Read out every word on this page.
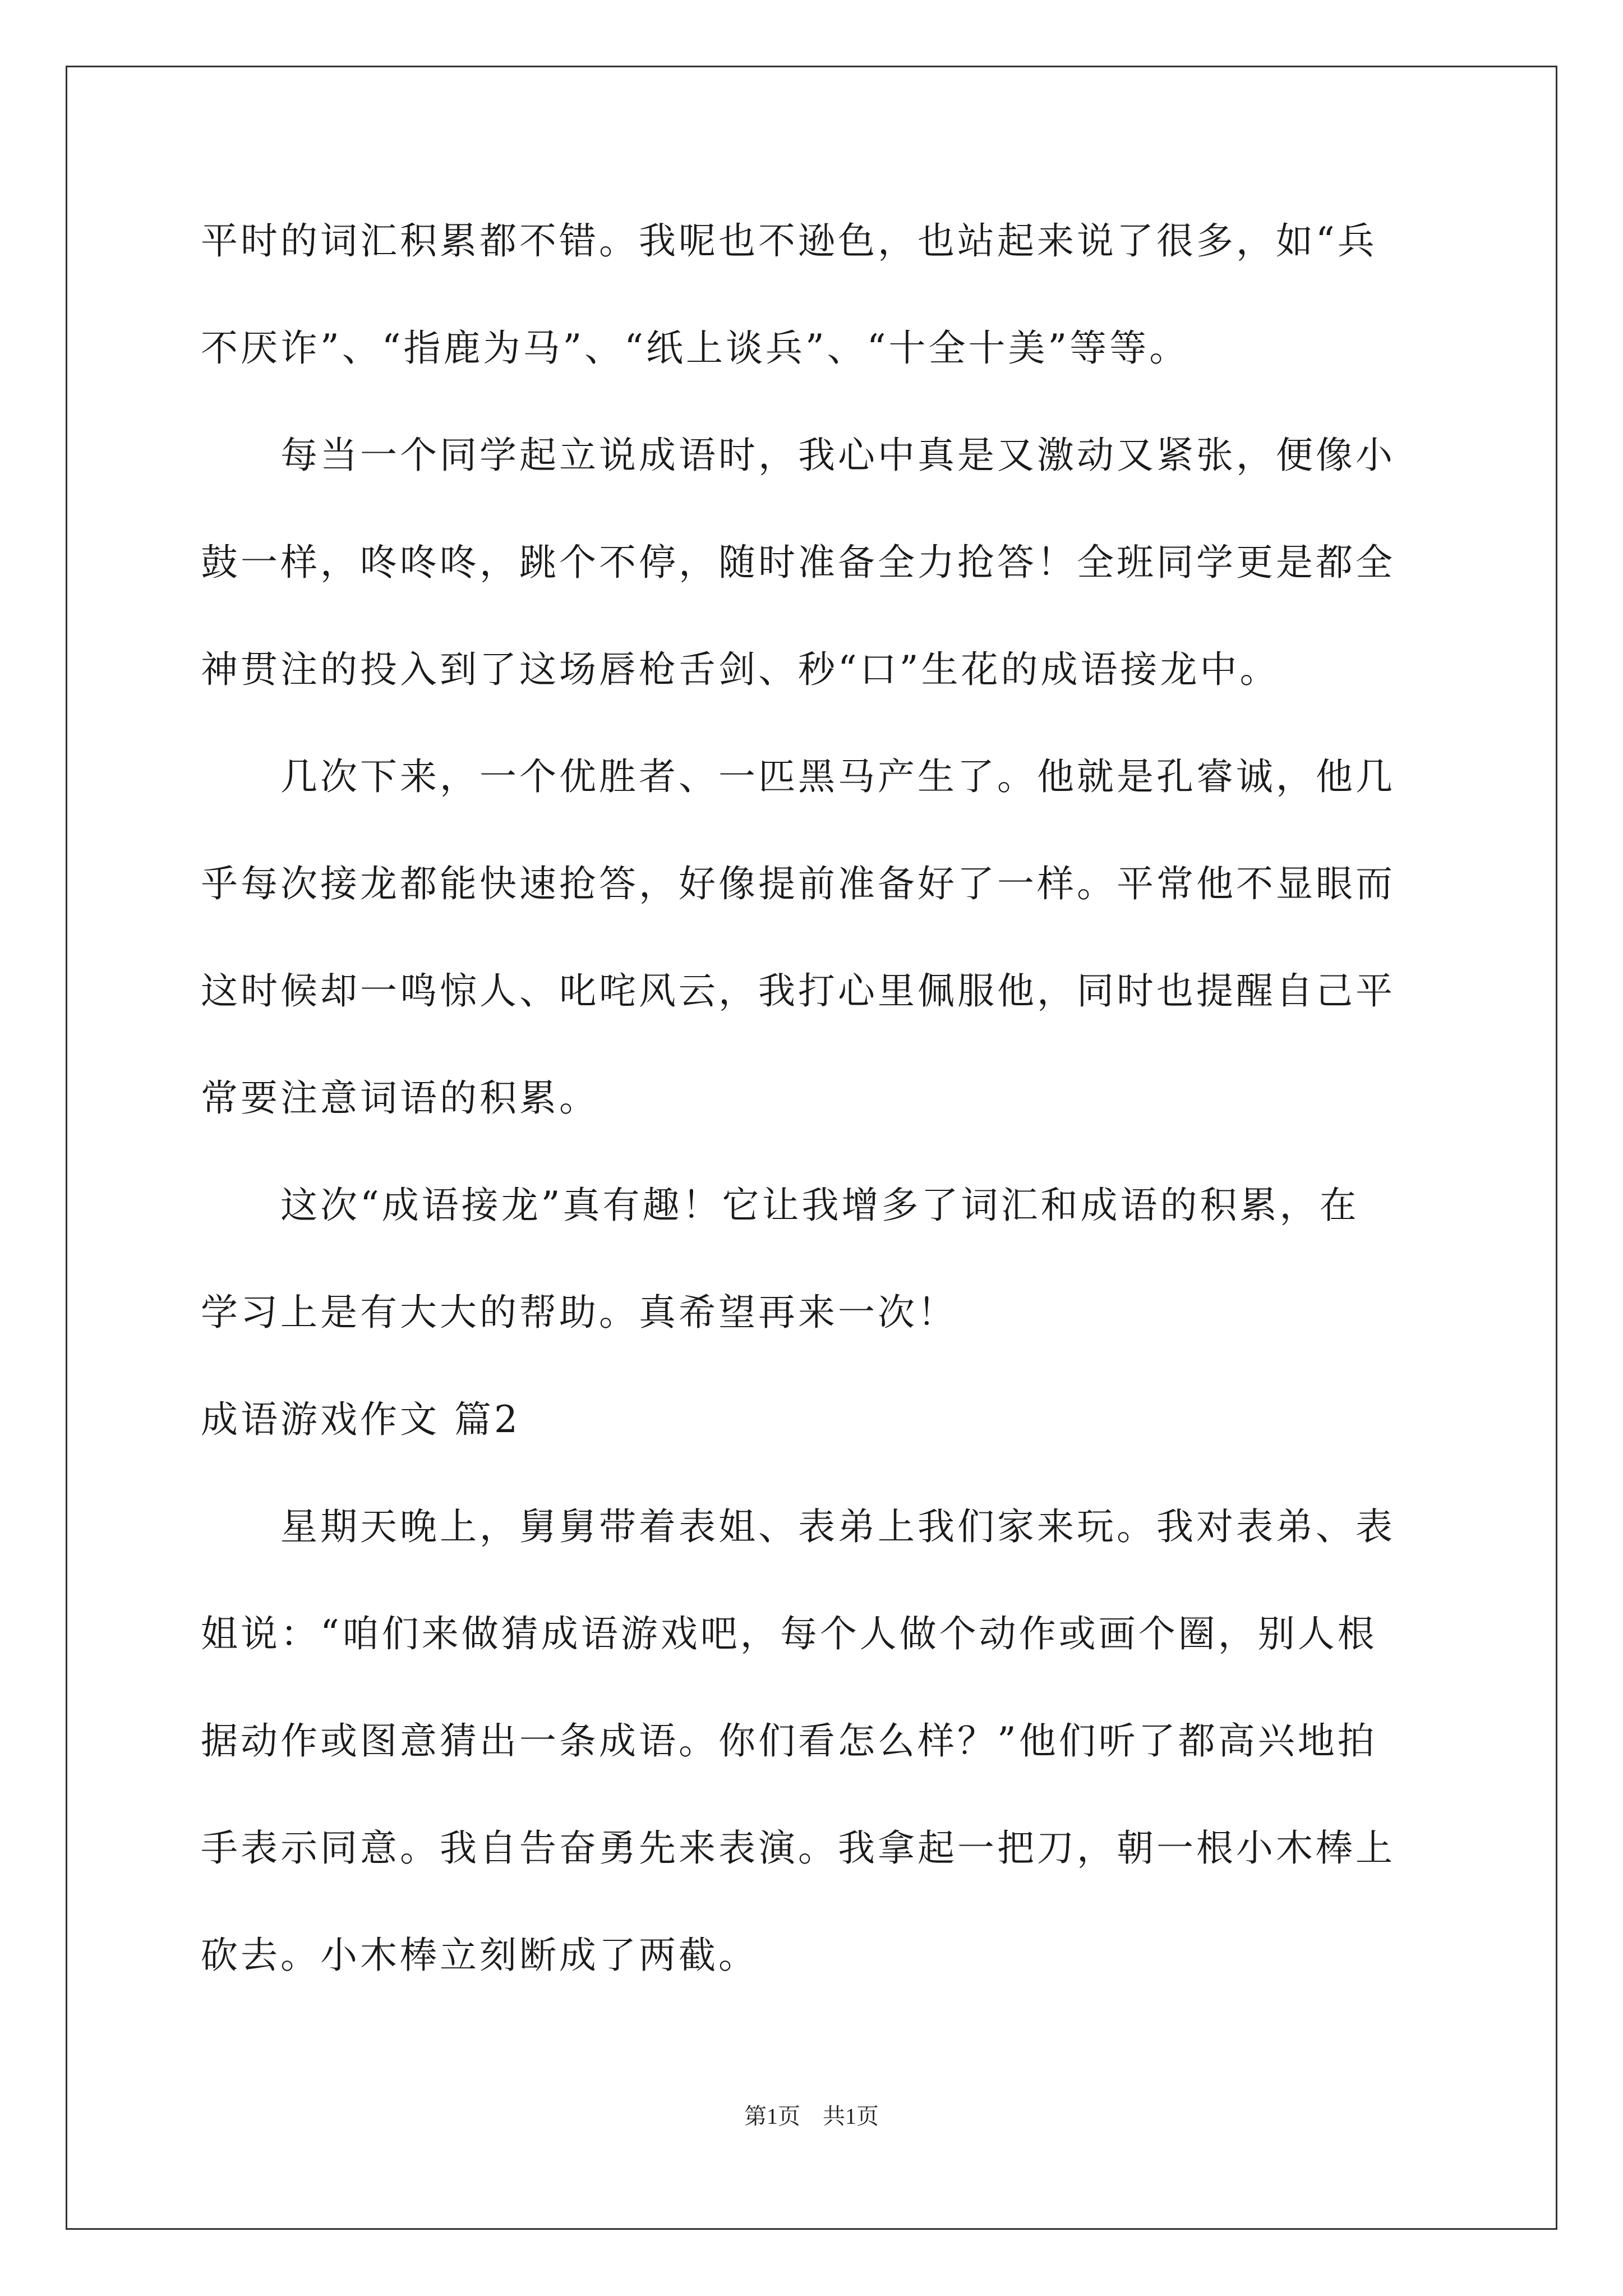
平时的词汇积累都不错。我呢也不逊色，也站起来说了很多，如“兵
不厌诈”、“指鹿为马”、“纸上谈兵”、“十全十美”等等。
　　每当一个同学起立说成语时，我心中真是又激动又紧张，便像小
鼓一样，咚咚咚，跳个不停，随时准备全力抢答！全班同学更是都全
神贯注的投入到了这场唇枪舌剑、秒“口”生花的成语接龙中。
　　几次下来，一个优胜者、一匹黑马产生了。他就是孔睿诚，他几
乎每次接龙都能快速抢答，好像提前准备好了一样。平常他不显眼而
这时候却一鸣惊人、叱咤风云，我打心里佩服他，同时也提醒自己平
常要注意词语的积累。
　　这次“成语接龙”真有趣！它让我增多了词汇和成语的积累，在
学习上是有大大的帮助。真希望再来一次！
成语游戏作文 篇2
　　星期天晚上，舅舅带着表姐、表弟上我们家来玩。我对表弟、表
姐说：“咱们来做猜成语游戏吧，每个人做个动作或画个圈，别人根
据动作或图意猜出一条成语。你们看怎么样？”他们听了都高兴地拍
手表示同意。我自告奋勇先来表演。我拿起一把刀，朝一根小木棒上
砍去。小木棒立刻断成了两截。
第1页　共1页
